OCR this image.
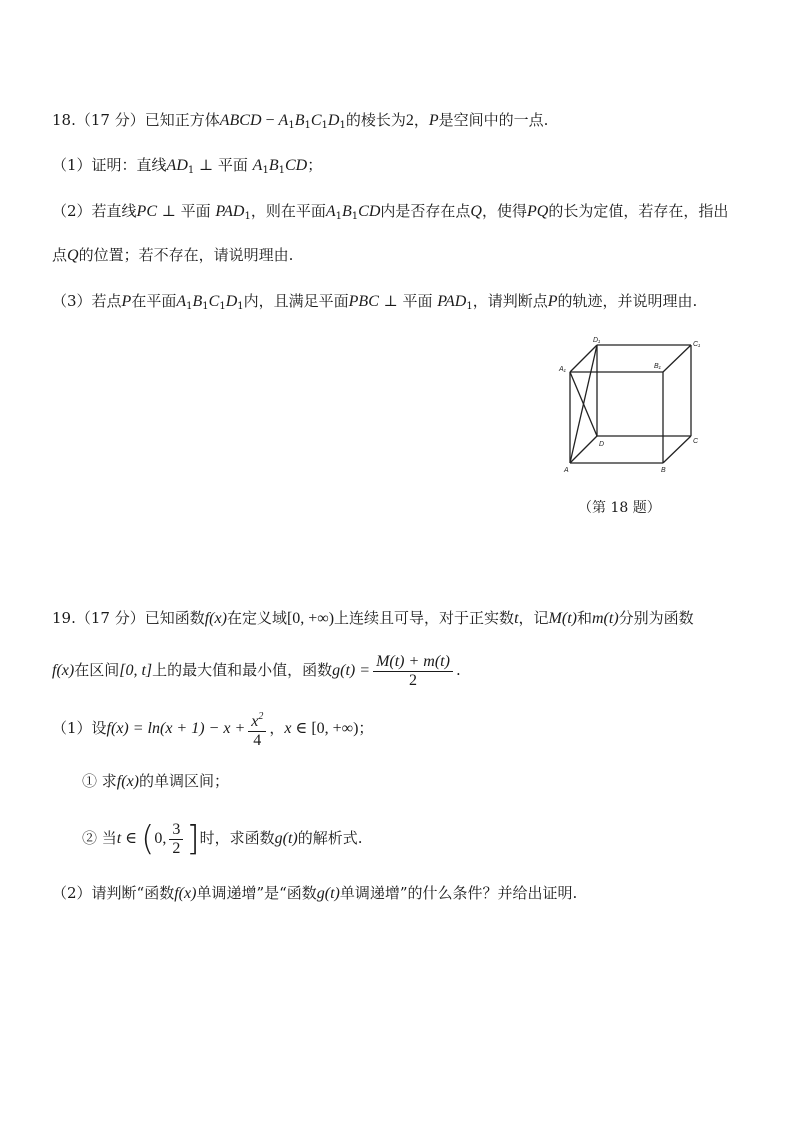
18.（17 分）已知正方体ABCD − $A_1B_1C_1D_1$的棱长为2，P是空间中的一点.
（1）证明：直线$AD_1$ ⊥ 平面 $A_1B_1CD$；
（2）若直线PC ⊥ 平面 $PAD_1$，则在平面$A_1B_1CD$内是否存在点Q，使得PQ的长为定值，若存在，指出
点Q的位置；若不存在，请说明理由.
（3）若点P在平面$A_1B_1C_1D_1$内，且满足平面PBC ⊥ 平面 $PAD_1$，请判断点P的轨迹，并说明理由.
A₁	B₁
C₁
D₁
A	B
C
D
（第 18 题）
19.（17 分）已知函数f(x)在定义域[0, +∞)上连续且可导，对于正实数t，记M(t)和m(t)分别为函数
f(x)在区间[0, t]上的最大值和最小值，函数$g(t) = \frac{M(t) + m(t)}{2}$ .
（1）设$f(x) = \ln(x + 1) - x + \frac{x^2}{4}$ ，x ∈ [0, +∞)；
① 求f(x)的单调区间；
② 当t ∈ (0, $\frac{3}{2}$ ]时，求函数g(t)的解析式.
（2）请判断“函数f(x)单调递增”是“函数g(t)单调递增”的什么条件？并给出证明.
